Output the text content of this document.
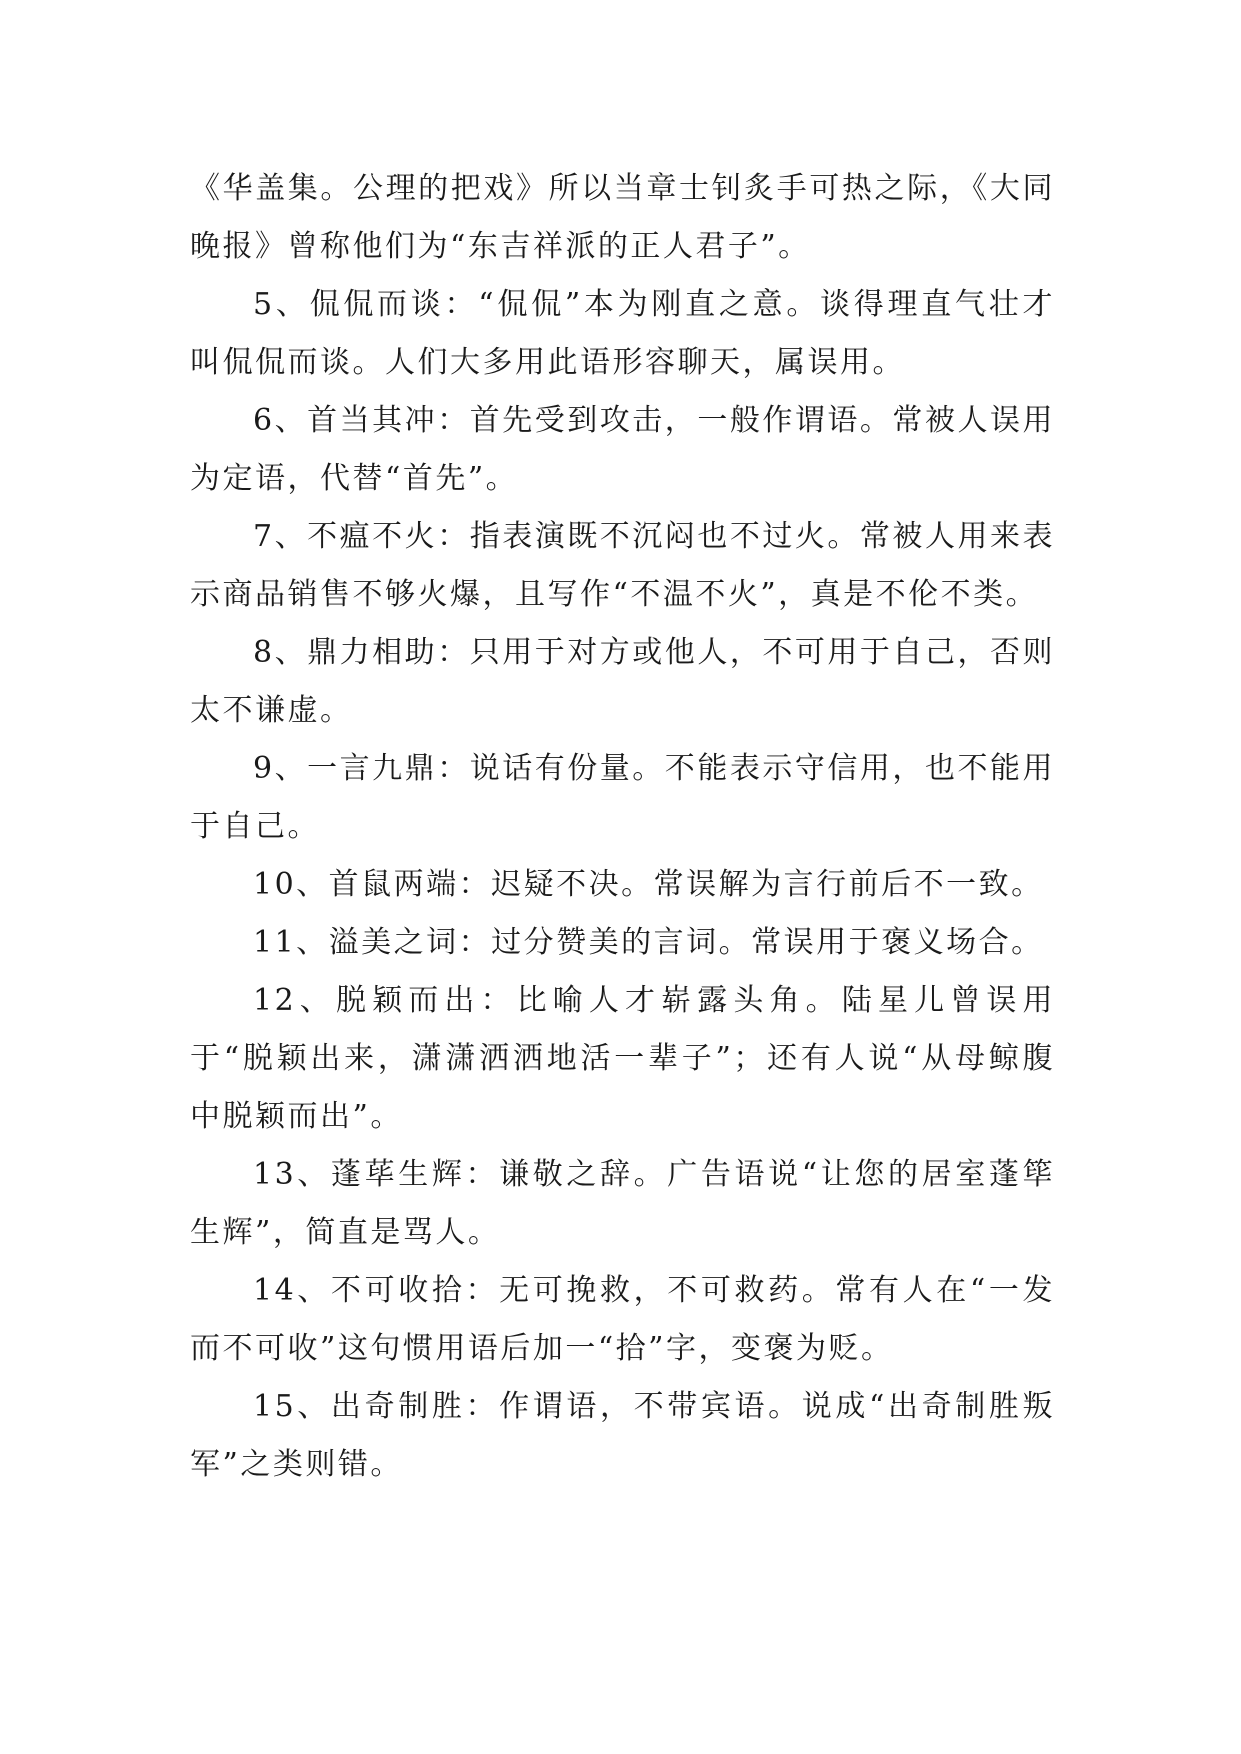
《华盖集。公理的把戏》所以当章士钊炙手可热之际，《大同晚报》曾称他们为“东吉祥派的正人君子”。

5、侃侃而谈：“侃侃”本为刚直之意。谈得理直气壮才叫侃侃而谈。人们大多用此语形容聊天，属误用。

6、首当其冲：首先受到攻击，一般作谓语。常被人误用为定语，代替“首先”。

7、不瘟不火：指表演既不沉闷也不过火。常被人用来表示商品销售不够火爆，且写作“不温不火”，真是不伦不类。

8、鼎力相助：只用于对方或他人，不可用于自己，否则太不谦虚。

9、一言九鼎：说话有份量。不能表示守信用，也不能用于自己。

10、首鼠两端：迟疑不决。常误解为言行前后不一致。

11、溢美之词：过分赞美的言词。常误用于褒义场合。

12、脱颖而出：比喻人才崭露头角。陆星儿曾误用于“脱颖出来，潇潇洒洒地活一辈子”；还有人说“从母鲸腹中脱颖而出”。

13、蓬荜生辉：谦敬之辞。广告语说“让您的居室蓬筚生辉”，简直是骂人。

14、不可收拾：无可挽救，不可救药。常有人在“一发而不可收”这句惯用语后加一“拾”字，变褒为贬。

15、出奇制胜：作谓语，不带宾语。说成“出奇制胜叛军”之类则错。
